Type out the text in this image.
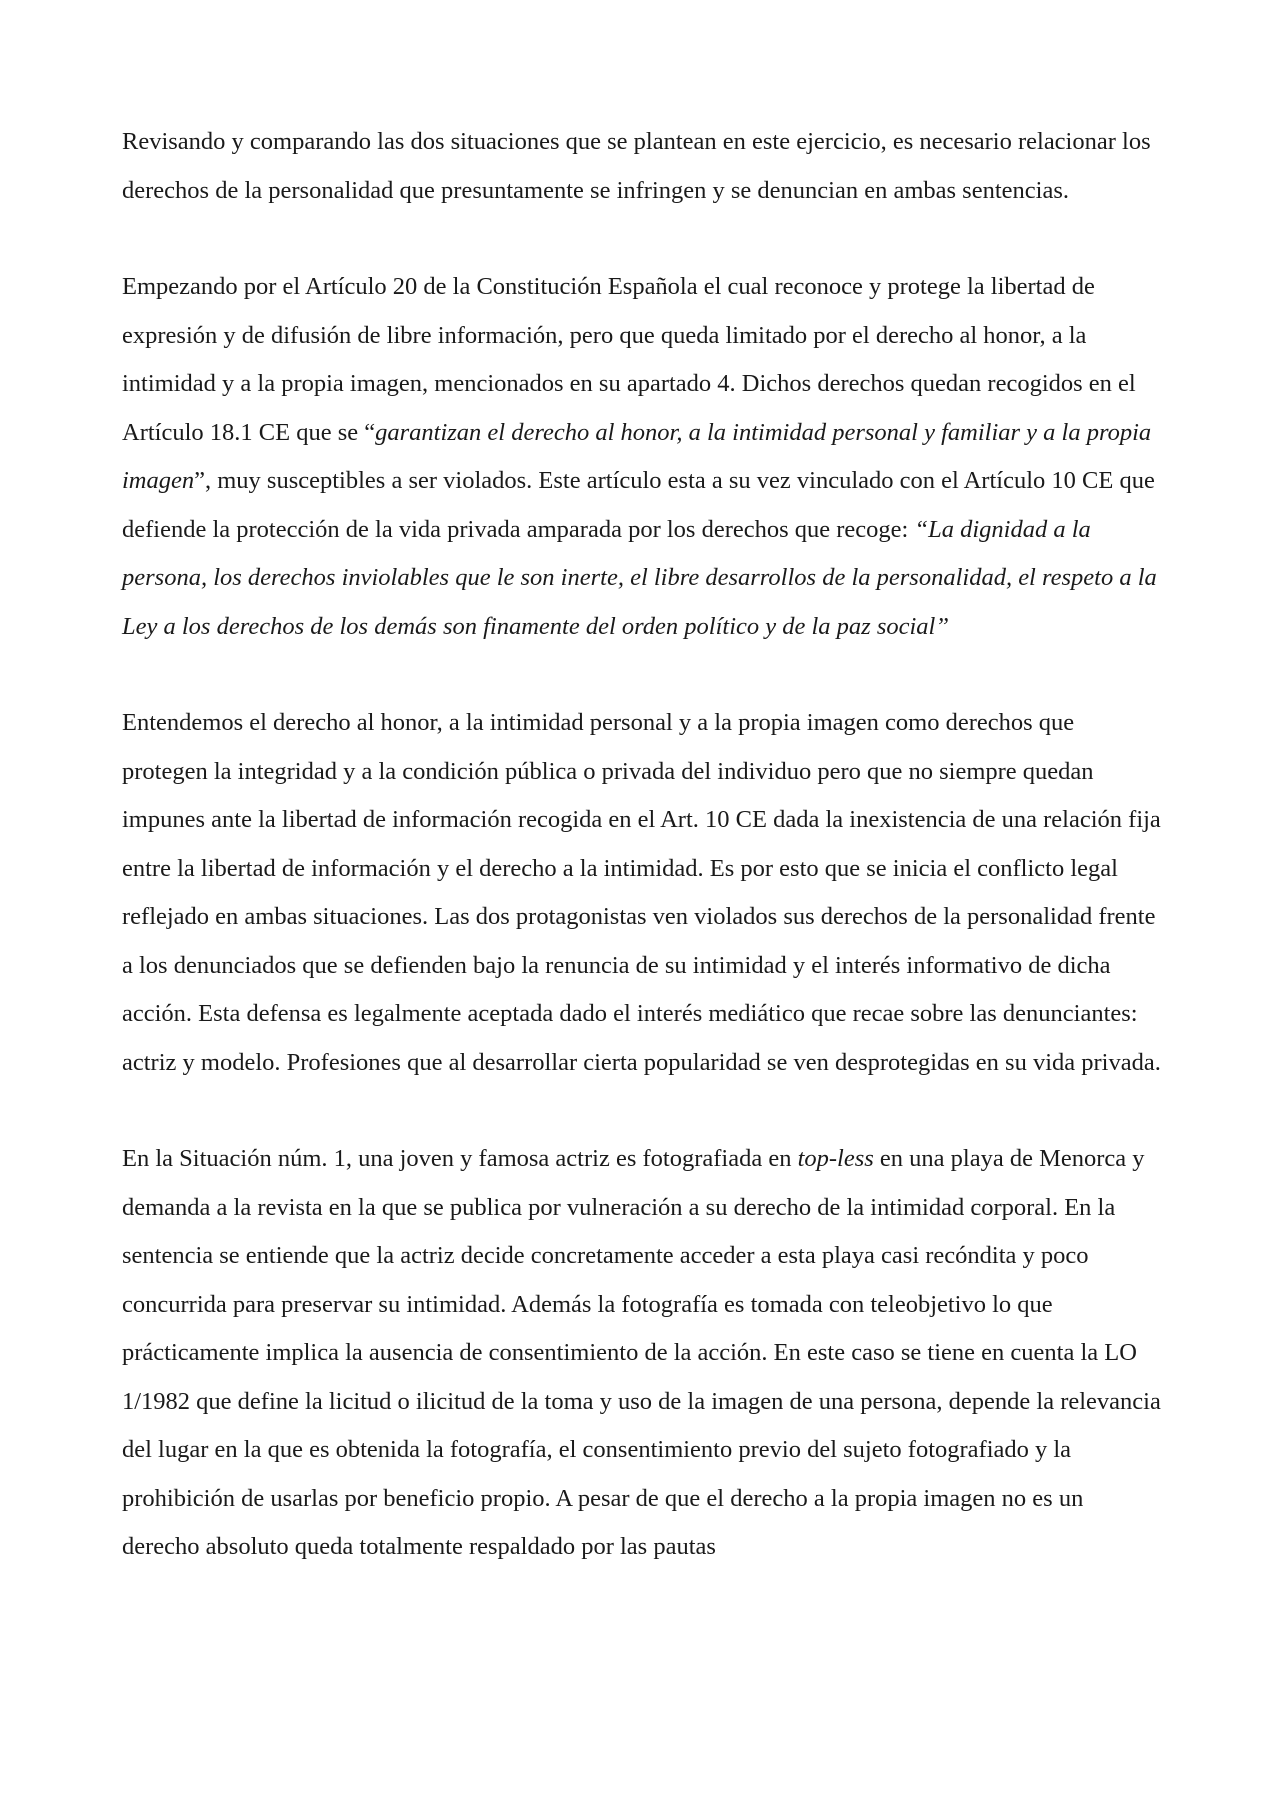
Revisando y comparando las dos situaciones que se plantean en este ejercicio, es necesario relacionar los derechos de la personalidad que presuntamente se infringen y se denuncian en ambas sentencias.

Empezando por el Artículo 20 de la Constitución Española el cual reconoce y protege la libertad de expresión y de difusión de libre información, pero que queda limitado por el derecho al honor, a la intimidad y a la propia imagen, mencionados en su apartado 4. Dichos derechos quedan recogidos en el Artículo 18.1 CE que se “garantizan el derecho al honor, a la intimidad personal y familiar y a la propia imagen”, muy susceptibles a ser violados. Este artículo esta a su vez vinculado con el Artículo 10 CE que defiende la protección de la vida privada amparada por los derechos que recoge: “La dignidad a la persona, los derechos inviolables que le son inerte, el libre desarrollos de la personalidad, el respeto a la Ley a los derechos de los demás son finamente del orden político y de la paz social”

Entendemos el derecho al honor, a la intimidad personal y a la propia imagen como derechos que protegen la integridad y a la condición pública o privada del individuo pero que no siempre quedan impunes ante la libertad de información recogida en el Art. 10 CE dada la inexistencia de una relación fija entre la libertad de información y el derecho a la intimidad. Es por esto que se inicia el conflicto legal reflejado en ambas situaciones. Las dos protagonistas ven violados sus derechos de la personalidad frente a los denunciados que se defienden bajo la renuncia de su intimidad y el interés informativo de dicha acción. Esta defensa es legalmente aceptada dado el interés mediático que recae sobre las denunciantes: actriz y modelo. Profesiones que al desarrollar cierta popularidad se ven desprotegidas en su vida privada.

En la Situación núm. 1, una joven y famosa actriz es fotografiada en top-less en una playa de Menorca y demanda a la revista en la que se publica por vulneración a su derecho de la intimidad corporal. En la sentencia se entiende que la actriz decide concretamente acceder a esta playa casi recóndita y poco concurrida para preservar su intimidad. Además la fotografía es tomada con teleobjetivo lo que prácticamente implica la ausencia de consentimiento de la acción. En este caso se tiene en cuenta la LO 1/1982 que define la licitud o ilicitud de la toma y uso de la imagen de una persona, depende la relevancia del lugar en la que es obtenida la fotografía, el consentimiento previo del sujeto fotografiado y la prohibición de usarlas por beneficio propio. A pesar de que el derecho a la propia imagen no es un derecho absoluto queda totalmente respaldado por las pautas
